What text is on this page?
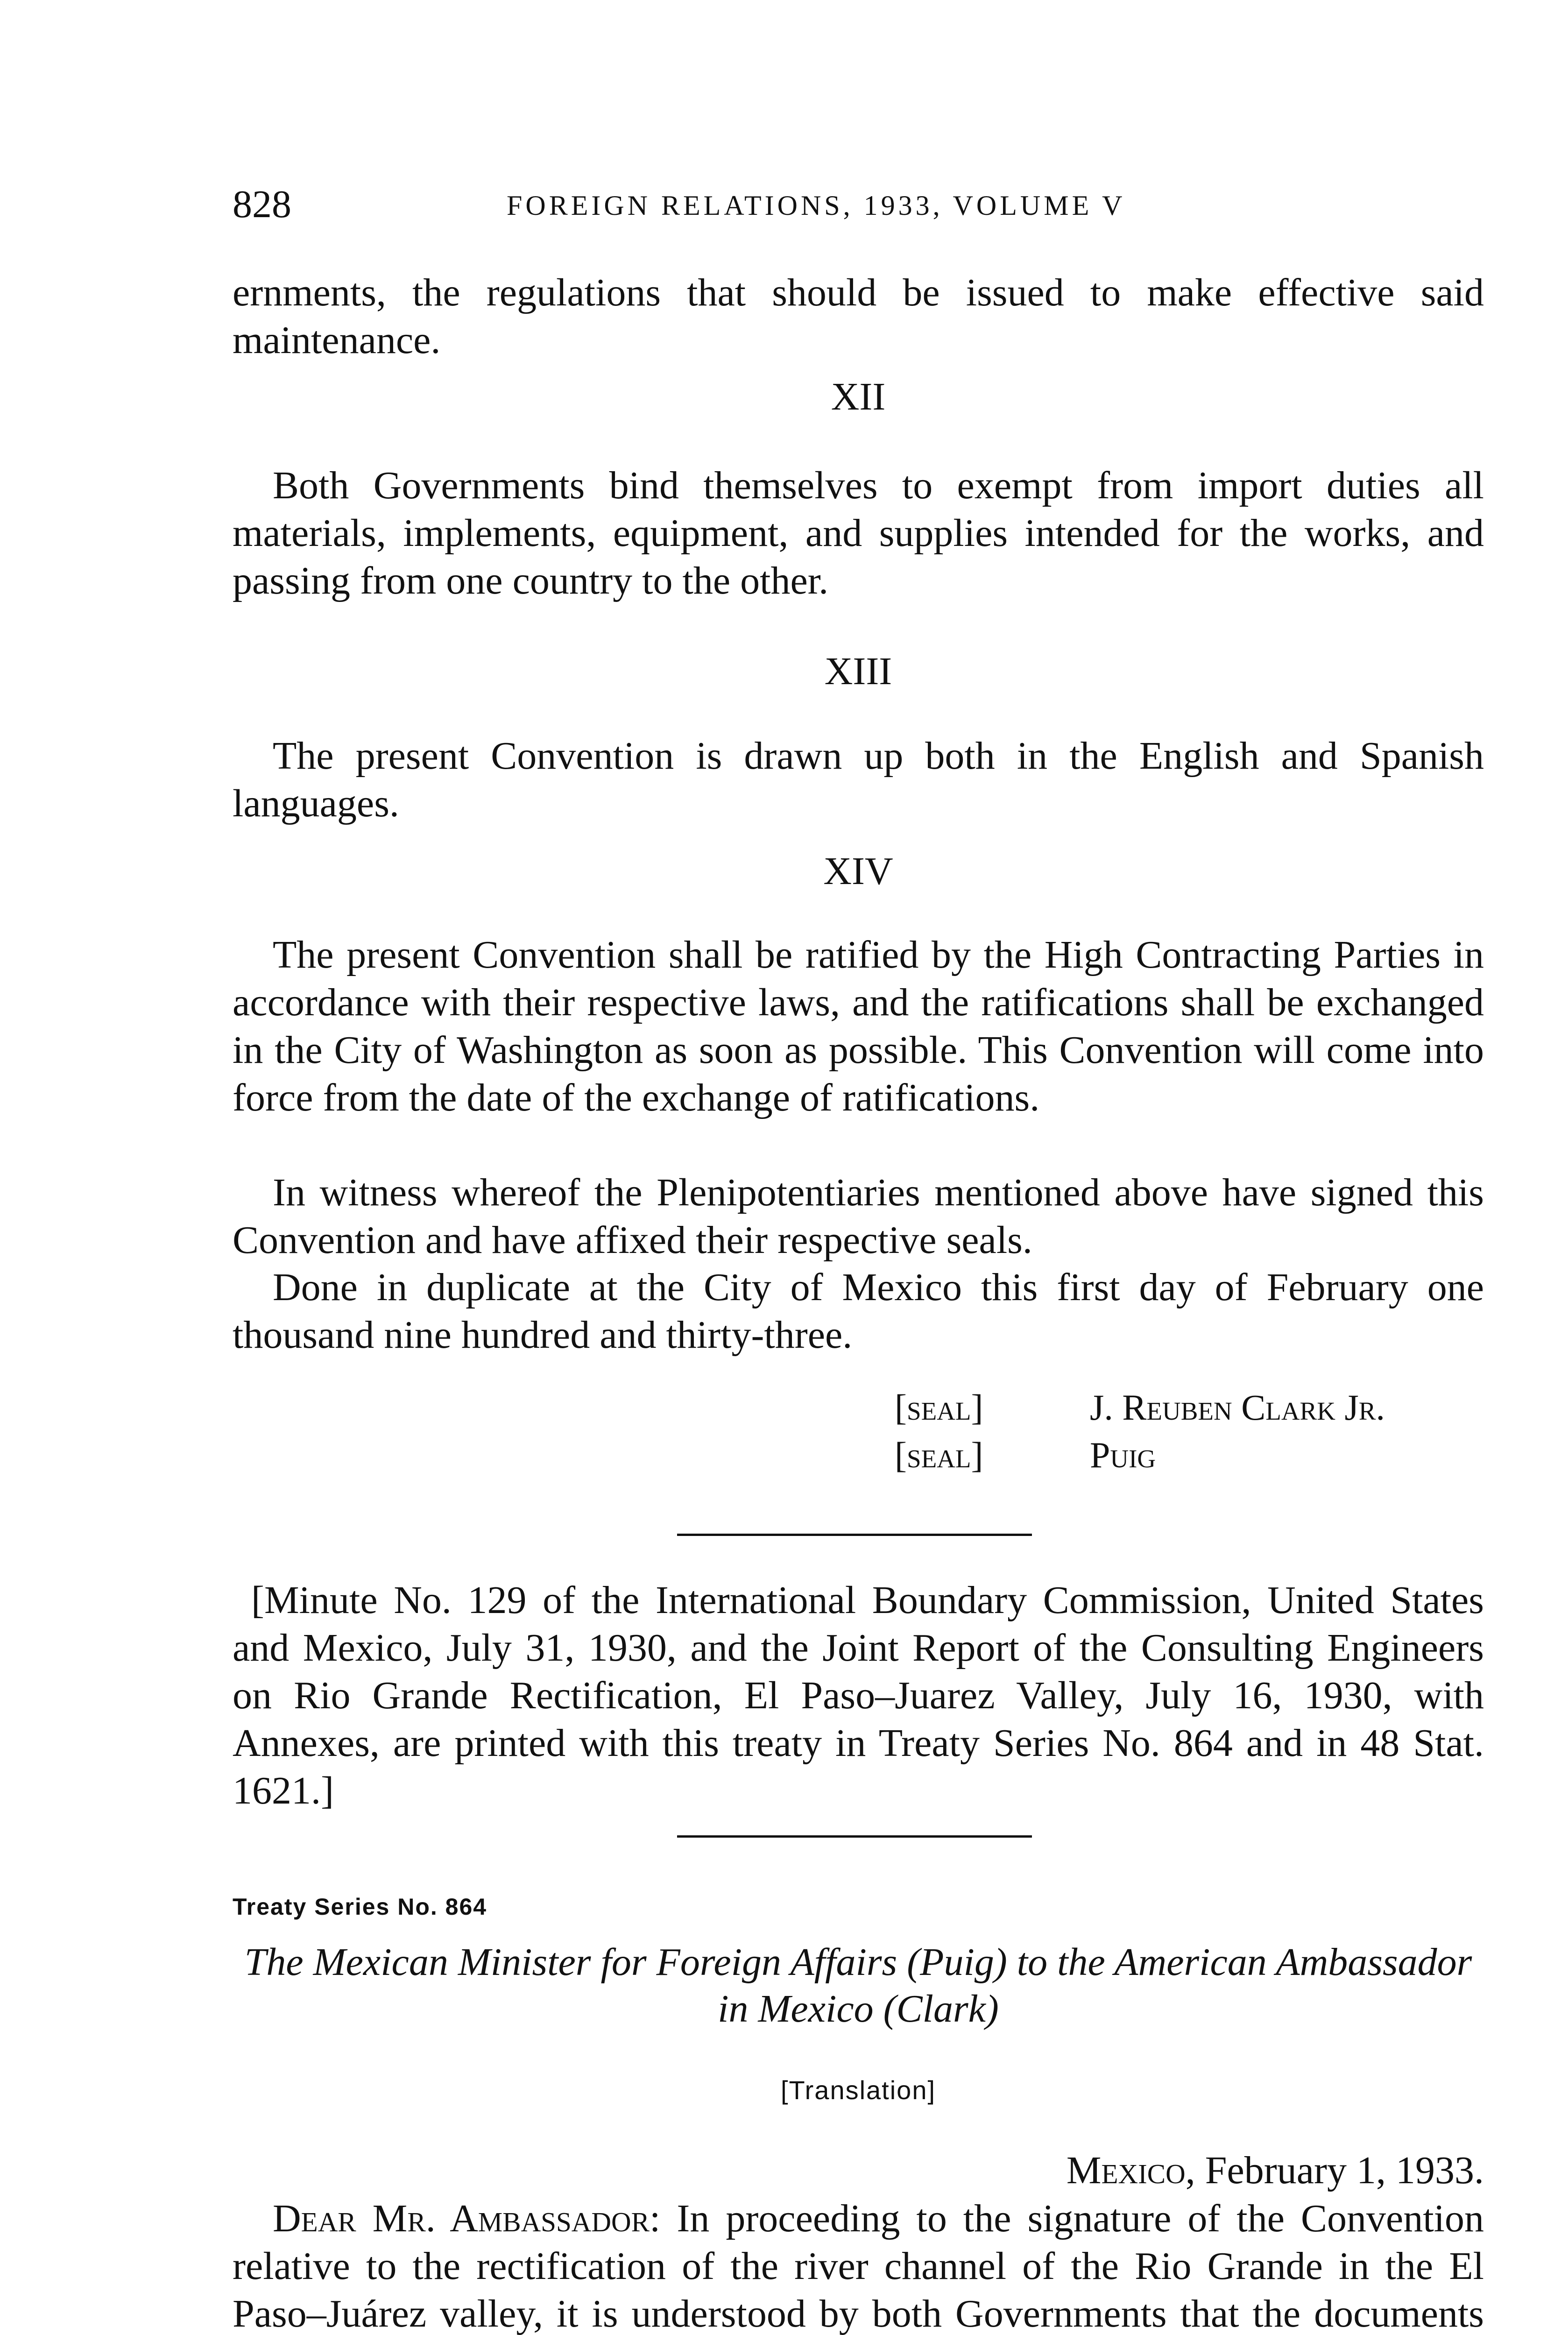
828	FOREIGN RELATIONS, 1933, VOLUME V
ernments, the regulations that should be issued to make effective said maintenance.
XII
Both Governments bind themselves to exempt from import duties all materials, implements, equipment, and supplies intended for the works, and passing from one country to the other.
XIII
The present Convention is drawn up both in the English and Spanish languages.
XIV
The present Convention shall be ratified by the High Contracting Parties in accordance with their respective laws, and the ratifications shall be exchanged in the City of Washington as soon as possible. This Convention will come into force from the date of the exchange of ratifications.
In witness whereof the Plenipotentiaries mentioned above have signed this Convention and have affixed their respective seals.
Done in duplicate at the City of Mexico this first day of February one thousand nine hundred and thirty-three.
[seal]	J. Reuben Clark Jr.
[seal]	Puig
[Minute No. 129 of the International Boundary Commission, United States and Mexico, July 31, 1930, and the Joint Report of the Consulting Engineers on Rio Grande Rectification, El Paso–Juarez Valley, July 16, 1930, with Annexes, are printed with this treaty in Treaty Series No. 864 and in 48 Stat. 1621.]
Treaty Series No. 864
The Mexican Minister for Foreign Affairs (Puig) to the American Ambassador in Mexico (Clark)
[Translation]
Mexico, February 1, 1933.
Dear Mr. Ambassador: In proceeding to the signature of the Convention relative to the rectification of the river channel of the Rio Grande in the El Paso–Juárez valley, it is understood by both Governments that the documents
